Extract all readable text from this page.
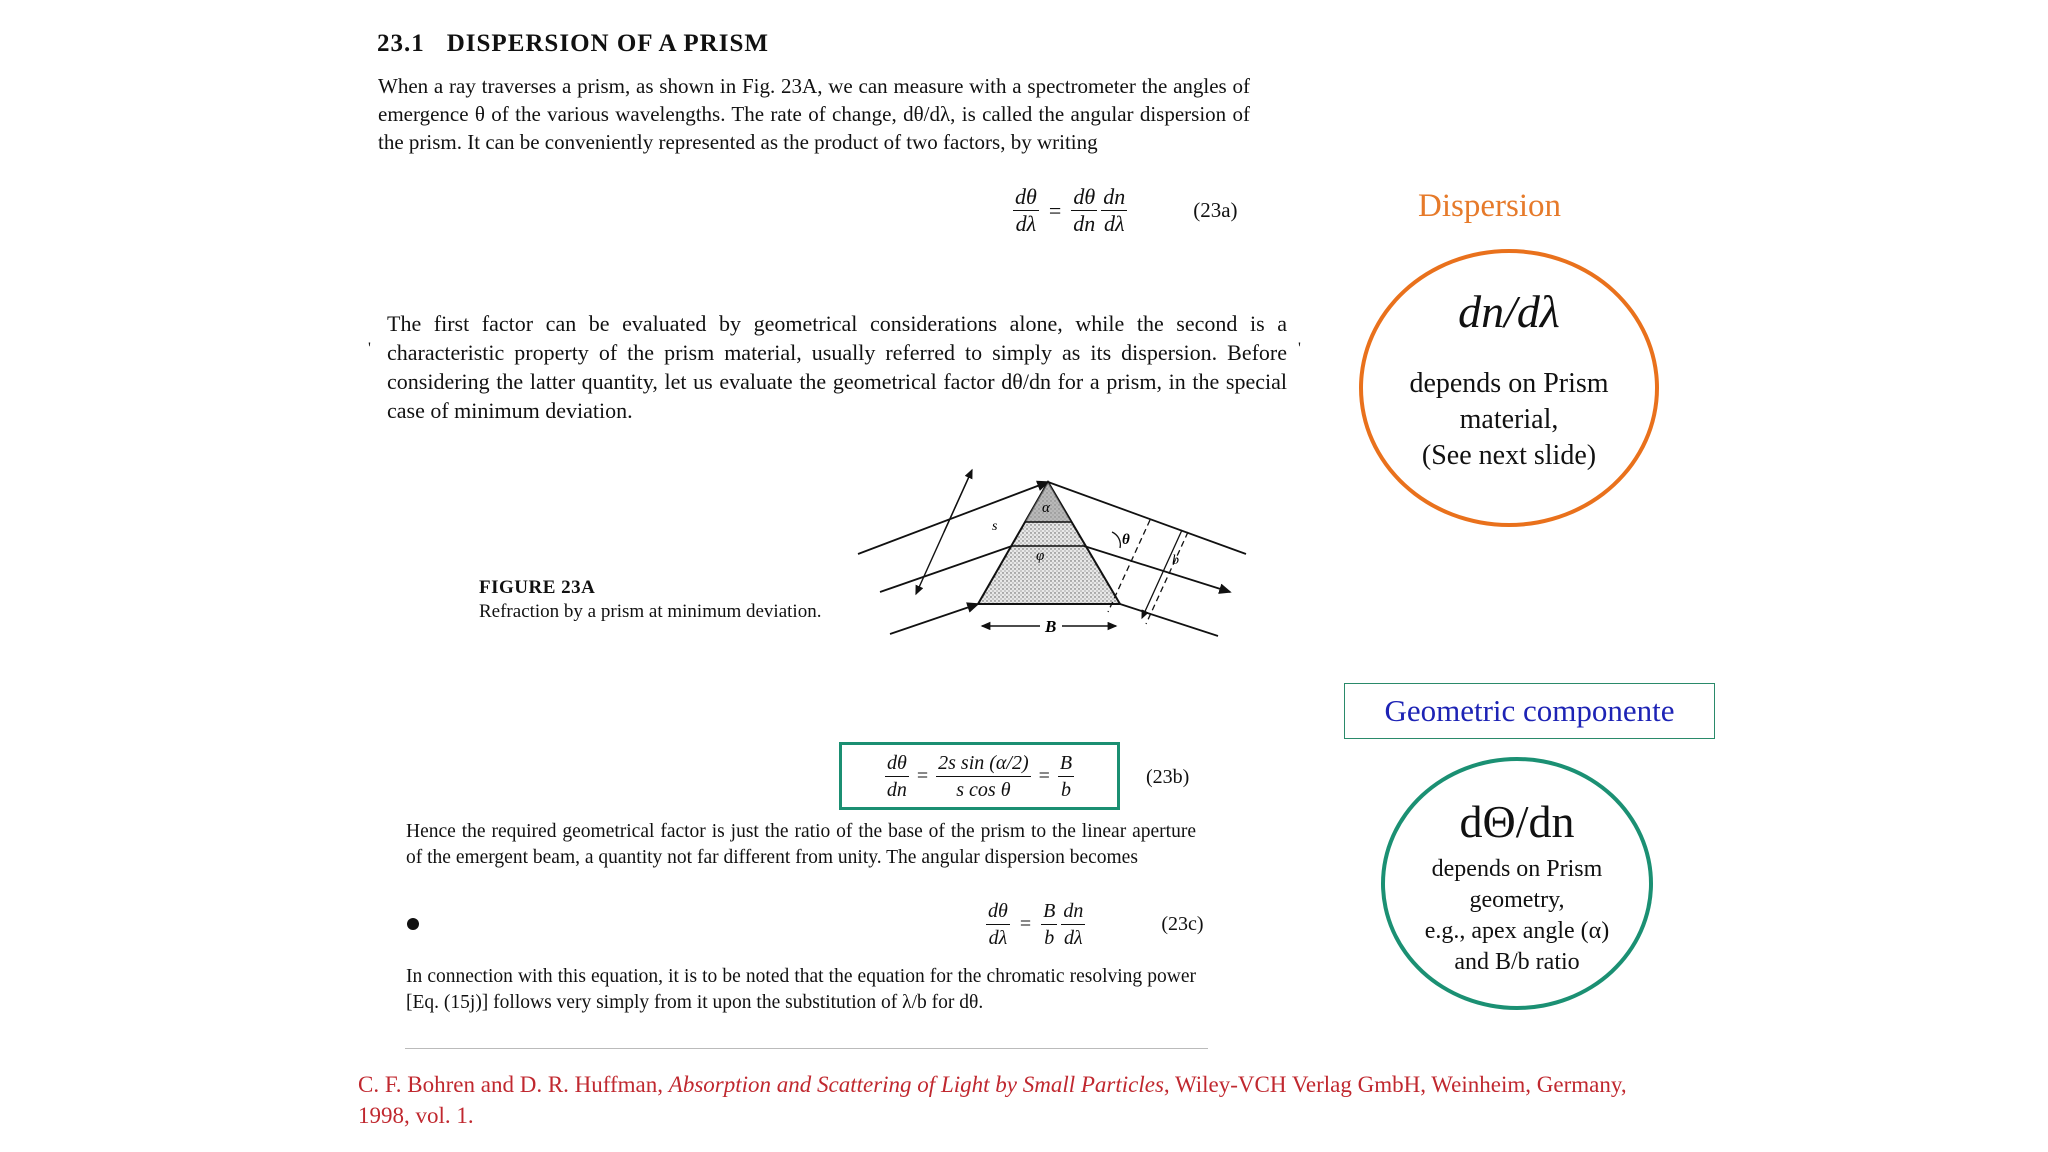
23.1 DISPERSION OF A PRISM
When a ray traverses a prism, as shown in Fig. 23A, we can measure with a spectrometer the angles of emergence θ of the various wavelengths. The rate of change, dθ/dλ, is called the angular dispersion of the prism. It can be conveniently represented as the product of two factors, by writing
$\frac{d\theta}{d\lambda} = \frac{d\theta}{dn} \frac{dn}{d\lambda}$	(23a)
'	'
The first factor can be evaluated by geometrical considerations alone, while the second is a characteristic property of the prism material, usually referred to simply as its dispersion. Before considering the latter quantity, let us evaluate the geometrical factor dθ/dn for a prism, in the special case of minimum deviation.
FIGURE 23A
Refraction by a prism at minimum deviation.
α
φ
θ
s
b
B
$\frac{d\theta}{dn} = \frac{\text{2s sin (α/2)}}{\text{s cos θ}} = \frac{B}{b}$	(23b)
Hence the required geometrical factor is just the ratio of the base of the prism to the linear aperture of the emergent beam, a quantity not far different from unity. The angular dispersion becomes
$\frac{d\theta}{d\lambda} = \frac{B}{b} \frac{dn}{d\lambda}$	(23c)
In connection with this equation, it is to be noted that the equation for the chromatic resolving power [Eq. (15j)] follows very simply from it upon the substitution of λ/b for dθ.
C. F. Bohren and D. R. Huffman, Absorption and Scattering of Light by Small Particles, Wiley-VCH Verlag GmbH, Weinheim, Germany, 1998, vol. 1.
Dispersion
dn/dλ
depends on Prism
material,
(See next slide)
Geometric componente
dΘ/dn
depends on Prism
geometry,
e.g., apex angle (α)
and B/b ratio
